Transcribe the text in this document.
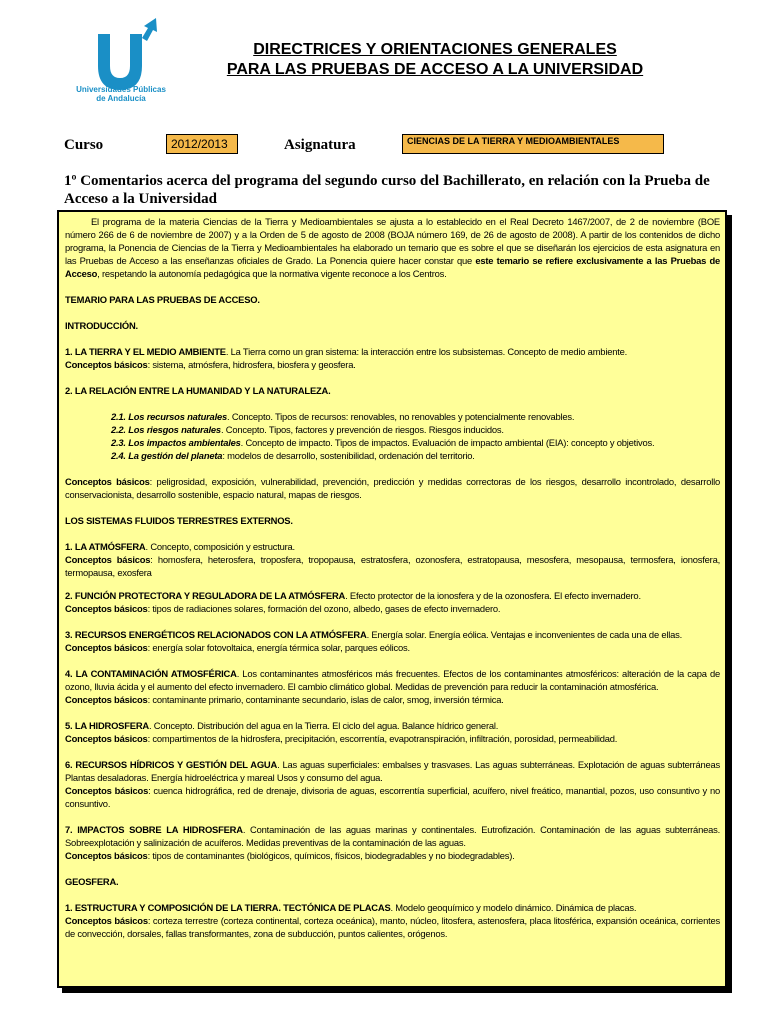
Universidades Públicas
de Andalucía
DIRECTRICES Y ORIENTACIONES GENERALES
PARA LAS PRUEBAS DE ACCESO A LA UNIVERSIDAD
Curso	2012/2013	Asignatura	CIENCIAS DE LA TIERRA Y MEDIOAMBIENTALES
1º Comentarios acerca del programa del segundo curso del Bachillerato, en relación con la Prueba de Acceso a la Universidad

El programa de la materia Ciencias de la Tierra y Medioambientales se ajusta a lo establecido en el Real Decreto 1467/2007, de 2 de noviembre (BOE número 266 de 6 de noviembre de 2007) y a la Orden de 5 de agosto de 2008 (BOJA número 169, de 26 de agosto de 2008). A partir de los contenidos de dicho programa, la Ponencia de Ciencias de la Tierra y Medioambientales ha elaborado un temario que es sobre el que se diseñarán los ejercicios de esta asignatura en las Pruebas de Acceso a las enseñanzas oficiales de Grado. La Ponencia quiere hacer constar que este temario se refiere exclusivamente a las Pruebas de Acceso, respetando la autonomía pedagógica que la normativa vigente reconoce a los Centros.

TEMARIO PARA LAS PRUEBAS DE ACCESO.

INTRODUCCIÓN.

1. LA TIERRA Y EL MEDIO AMBIENTE. La Tierra como un gran sistema: la interacción entre los subsistemas. Concepto de medio ambiente.

Conceptos básicos: sistema, atmósfera, hidrosfera, biosfera y geosfera.

2. LA RELACIÓN ENTRE LA HUMANIDAD Y LA NATURALEZA.

2.1. Los recursos naturales. Concepto. Tipos de recursos: renovables, no renovables y potencialmente renovables.

2.2. Los riesgos naturales. Concepto. Tipos, factores y prevención de riesgos. Riesgos inducidos.

2.3. Los impactos ambientales. Concepto de impacto. Tipos de impactos. Evaluación de impacto ambiental (EIA): concepto y objetivos.

2.4. La gestión del planeta: modelos de desarrollo, sostenibilidad, ordenación del territorio.

Conceptos básicos: peligrosidad, exposición, vulnerabilidad, prevención, predicción y medidas correctoras de los riesgos, desarrollo incontrolado, desarrollo conservacionista, desarrollo sostenible, espacio natural, mapas de riesgos.

LOS SISTEMAS FLUIDOS TERRESTRES EXTERNOS.

1. LA ATMÓSFERA. Concepto, composición y estructura.

Conceptos básicos: homosfera, heterosfera, troposfera, tropopausa, estratosfera, ozonosfera, estratopausa, mesosfera, mesopausa, termosfera, ionosfera, termopausa, exosfera

2. FUNCIÓN PROTECTORA Y REGULADORA DE LA ATMÓSFERA. Efecto protector de la ionosfera y de la ozonosfera. El efecto invernadero.

Conceptos básicos: tipos de radiaciones solares, formación del ozono, albedo, gases de efecto invernadero.

3. RECURSOS ENERGÉTICOS RELACIONADOS CON LA ATMÓSFERA. Energía solar. Energía eólica. Ventajas e inconvenientes de cada una de ellas.

Conceptos básicos: energía solar fotovoltaica, energía térmica solar, parques eólicos.

4. LA CONTAMINACIÓN ATMOSFÉRICA. Los contaminantes atmosféricos más frecuentes. Efectos de los contaminantes atmosféricos: alteración de la capa de ozono, lluvia ácida y el aumento del efecto invernadero. El cambio climático global. Medidas de prevención para reducir la contaminación atmosférica.

Conceptos básicos: contaminante primario, contaminante secundario, islas de calor, smog, inversión térmica.

5. LA HIDROSFERA. Concepto. Distribución del agua en la Tierra. El ciclo del agua. Balance hídrico general.

Conceptos básicos: compartimentos de la hidrosfera, precipitación, escorrentía, evapotranspiración, infiltración, porosidad, permeabilidad.

6. RECURSOS HÍDRICOS Y GESTIÓN DEL AGUA. Las aguas superficiales: embalses y trasvases. Las aguas subterráneas. Explotación de aguas subterráneas Plantas desaladoras. Energía hidroeléctrica y mareal Usos y consumo del agua.

Conceptos básicos: cuenca hidrográfica, red de drenaje, divisoria de aguas, escorrentía superficial, acuífero, nivel freático, manantial, pozos, uso consuntivo y no consuntivo.

7. IMPACTOS SOBRE LA HIDROSFERA. Contaminación de las aguas marinas y continentales. Eutrofización. Contaminación de las aguas subterráneas. Sobreexplotación y salinización de acuíferos. Medidas preventivas de la contaminación de las aguas.

Conceptos básicos: tipos de contaminantes (biológicos, químicos, físicos, biodegradables y no biodegradables).

GEOSFERA.

1. ESTRUCTURA Y COMPOSICIÓN DE LA TIERRA. TECTÓNICA DE PLACAS. Modelo geoquímico y modelo dinámico. Dinámica de placas.

Conceptos básicos: corteza terrestre (corteza continental, corteza oceánica), manto, núcleo, litosfera, astenosfera, placa litosférica, expansión oceánica, corrientes de convección, dorsales, fallas transformantes, zona de subducción, puntos calientes, orógenos.
